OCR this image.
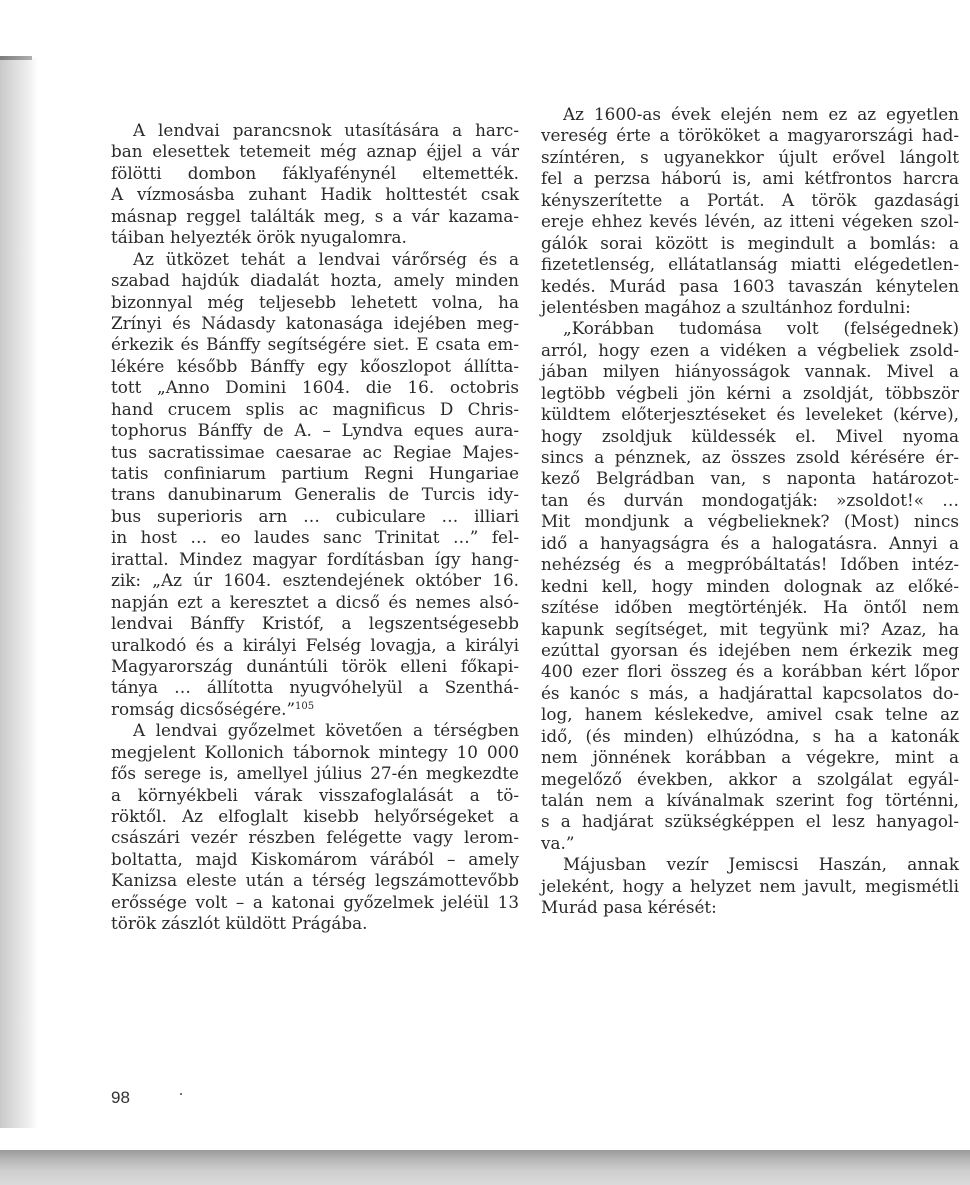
A lendvai parancsnok utasítására a harc-
ban elesettek tetemeit még aznap éjjel a vár
fölötti dombon fáklyafénynél eltemették.
A vízmosásba zuhant Hadik holttestét csak
másnap reggel találták meg, s a vár kazama-
táiban helyezték örök nyugalomra.
Az ütközet tehát a lendvai várőrség és a
szabad hajdúk diadalát hozta, amely minden
bizonnyal még teljesebb lehetett volna, ha
Zrínyi és Nádasdy katonasága idejében meg-
érkezik és Bánffy segítségére siet. E csata em-
lékére később Bánffy egy kőoszlopot állítta-
tott „Anno Domini 1604. die 16. octobris
hand crucem splis ac magnificus D Chris-
tophorus Bánffy de A. – Lyndva eques aura-
tus sacratissimae caesarae ac Regiae Majes-
tatis confiniarum partium Regni Hungariae
trans danubinarum Generalis de Turcis idy-
bus superioris arn … cubiculare … illiari
in host … eo laudes sanc Trinitat …” fel-
irattal. Mindez magyar fordításban így hang-
zik: „Az úr 1604. esztendejének október 16.
napján ezt a keresztet a dicső és nemes alsó-
lendvai Bánffy Kristóf, a legszentségesebb
uralkodó és a királyi Felség lovagja, a királyi
Magyarország dunántúli török elleni főkapi-
tánya … állította nyugvóhelyül a Szenthá-
romság dicsőségére.”$^{105}$
A lendvai győzelmet követően a térségben
megjelent Kollonich tábornok mintegy 10 000
fős serege is, amellyel július 27-én megkezdte
a környékbeli várak visszafoglalását a tö-
röktől. Az elfoglalt kisebb helyőrségeket a
császári vezér részben felégette vagy lerom-
boltatta, majd Kiskomárom várából – amely
Kanizsa eleste után a térség legszámottevőbb
erőssége volt – a katonai győzelmek jeléül 13
török zászlót küldött Prágába.
Az 1600-as évek elején nem ez az egyetlen
vereség érte a törököket a magyarországi had-
színtéren, s ugyanekkor újult erővel lángolt
fel a perzsa háború is, ami kétfrontos harcra
kényszerítette a Portát. A török gazdasági
ereje ehhez kevés lévén, az itteni végeken szol-
gálók sorai között is megindult a bomlás: a
fizetetlenség, ellátatlanság miatti elégedetlen-
kedés. Murád pasa 1603 tavaszán kénytelen
jelentésben magához a szultánhoz fordulni:
„Korábban tudomása volt (felségednek)
arról, hogy ezen a vidéken a végbeliek zsold-
jában milyen hiányosságok vannak. Mivel a
legtöbb végbeli jön kérni a zsoldját, többször
küldtem előterjesztéseket és leveleket (kérve),
hogy zsoldjuk küldessék el. Mivel nyoma
sincs a pénznek, az összes zsold kérésére ér-
kező Belgrádban van, s naponta határozot-
tan és durván mondogatják: »zsoldot!« …
Mit mondjunk a végbelieknek? (Most) nincs
idő a hanyagságra és a halogatásra. Annyi a
nehézség és a megpróbáltatás! Időben intéz-
kedni kell, hogy minden dolognak az előké-
szítése időben megtörténjék. Ha öntől nem
kapunk segítséget, mit tegyünk mi? Azaz, ha
ezúttal gyorsan és idejében nem érkezik meg
400 ezer flori összeg és a korábban kért lőpor
és kanóc s más, a hadjárattal kapcsolatos do-
log, hanem késlekedve, amivel csak telne az
idő, (és minden) elhúzódna, s ha a katonák
nem jönnének korábban a végekre, mint a
megelőző években, akkor a szolgálat egyál-
talán nem a kívánalmak szerint fog történni,
s a hadjárat szükségképpen el lesz hanyagol-
va.”
Májusban vezír Jemiscsi Haszán, annak
jeleként, hogy a helyzet nem javult, megismétli
Murád pasa kérését:
98
